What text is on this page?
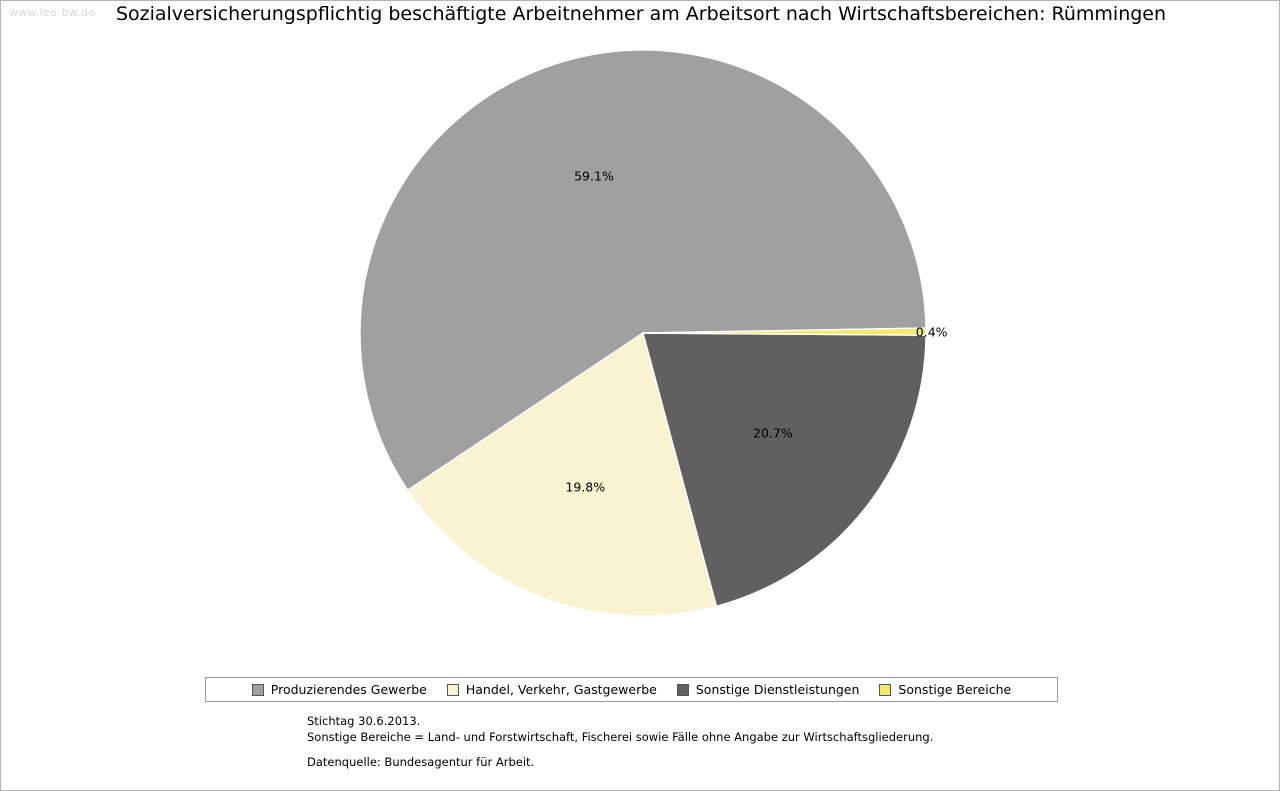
www.leo-bw.de	Sozialversicherungspflichtig beschäftigte Arbeitnehmer am Arbeitsort nach Wirtschaftsbereichen: Rümmingen
59.1%
19.8%
20.7%
0.4%
Produzierendes Gewerbe	Handel, Verkehr, Gastgewerbe	Sonstige Dienstleistungen	Sonstige Bereiche
Stichtag 30.6.2013.
Sonstige Bereiche = Land- und Forstwirtschaft, Fischerei sowie Fälle ohne Angabe zur Wirtschaftsgliederung.
Datenquelle: Bundesagentur für Arbeit.
